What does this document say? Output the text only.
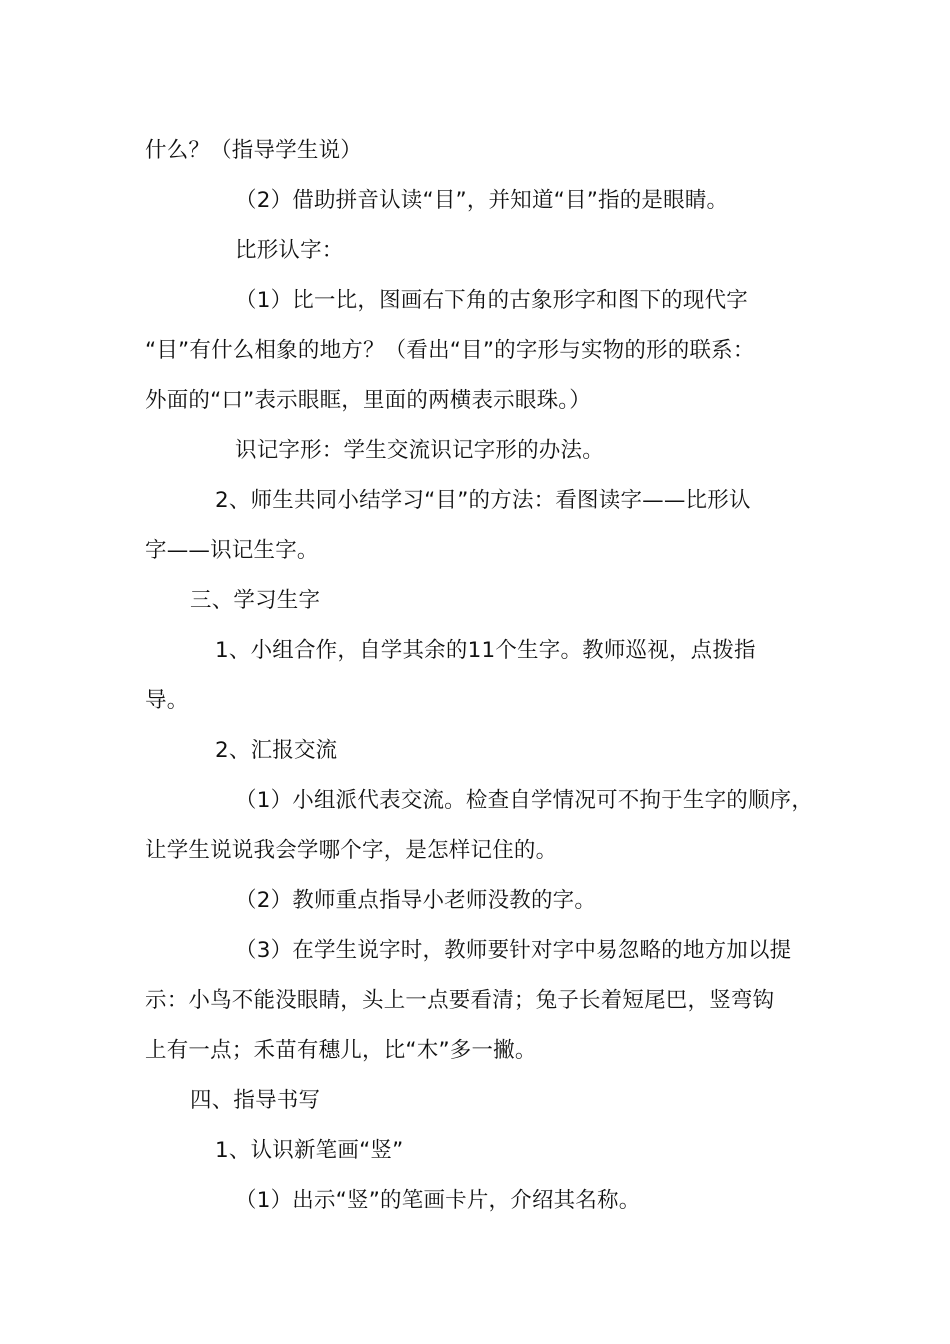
什么？（指导学生说）
（2）借助拼音认读“目”，并知道“目”指的是眼睛。
比形认字：
（1）比一比，图画右下角的古象形字和图下的现代字
“目”有什么相象的地方？（看出“目”的字形与实物的形的联系：
外面的“口”表示眼眶，里面的两横表示眼珠。）
识记字形：学生交流识记字形的办法。
2、师生共同小结学习“目”的方法：看图读字——比形认
字——识记生字。
三、学习生字
1、小组合作，自学其余的11个生字。教师巡视，点拨指
导。
2、汇报交流
（1）小组派代表交流。检查自学情况可不拘于生字的顺序，
让学生说说我会学哪个字，是怎样记住的。
（2）教师重点指导小老师没教的字。
（3）在学生说字时，教师要针对字中易忽略的地方加以提
示：小鸟不能没眼睛，头上一点要看清；兔子长着短尾巴，竖弯钩
上有一点；禾苗有穗儿，比“木”多一撇。
四、指导书写
1、认识新笔画“竖”
（1）出示“竖”的笔画卡片，介绍其名称。
